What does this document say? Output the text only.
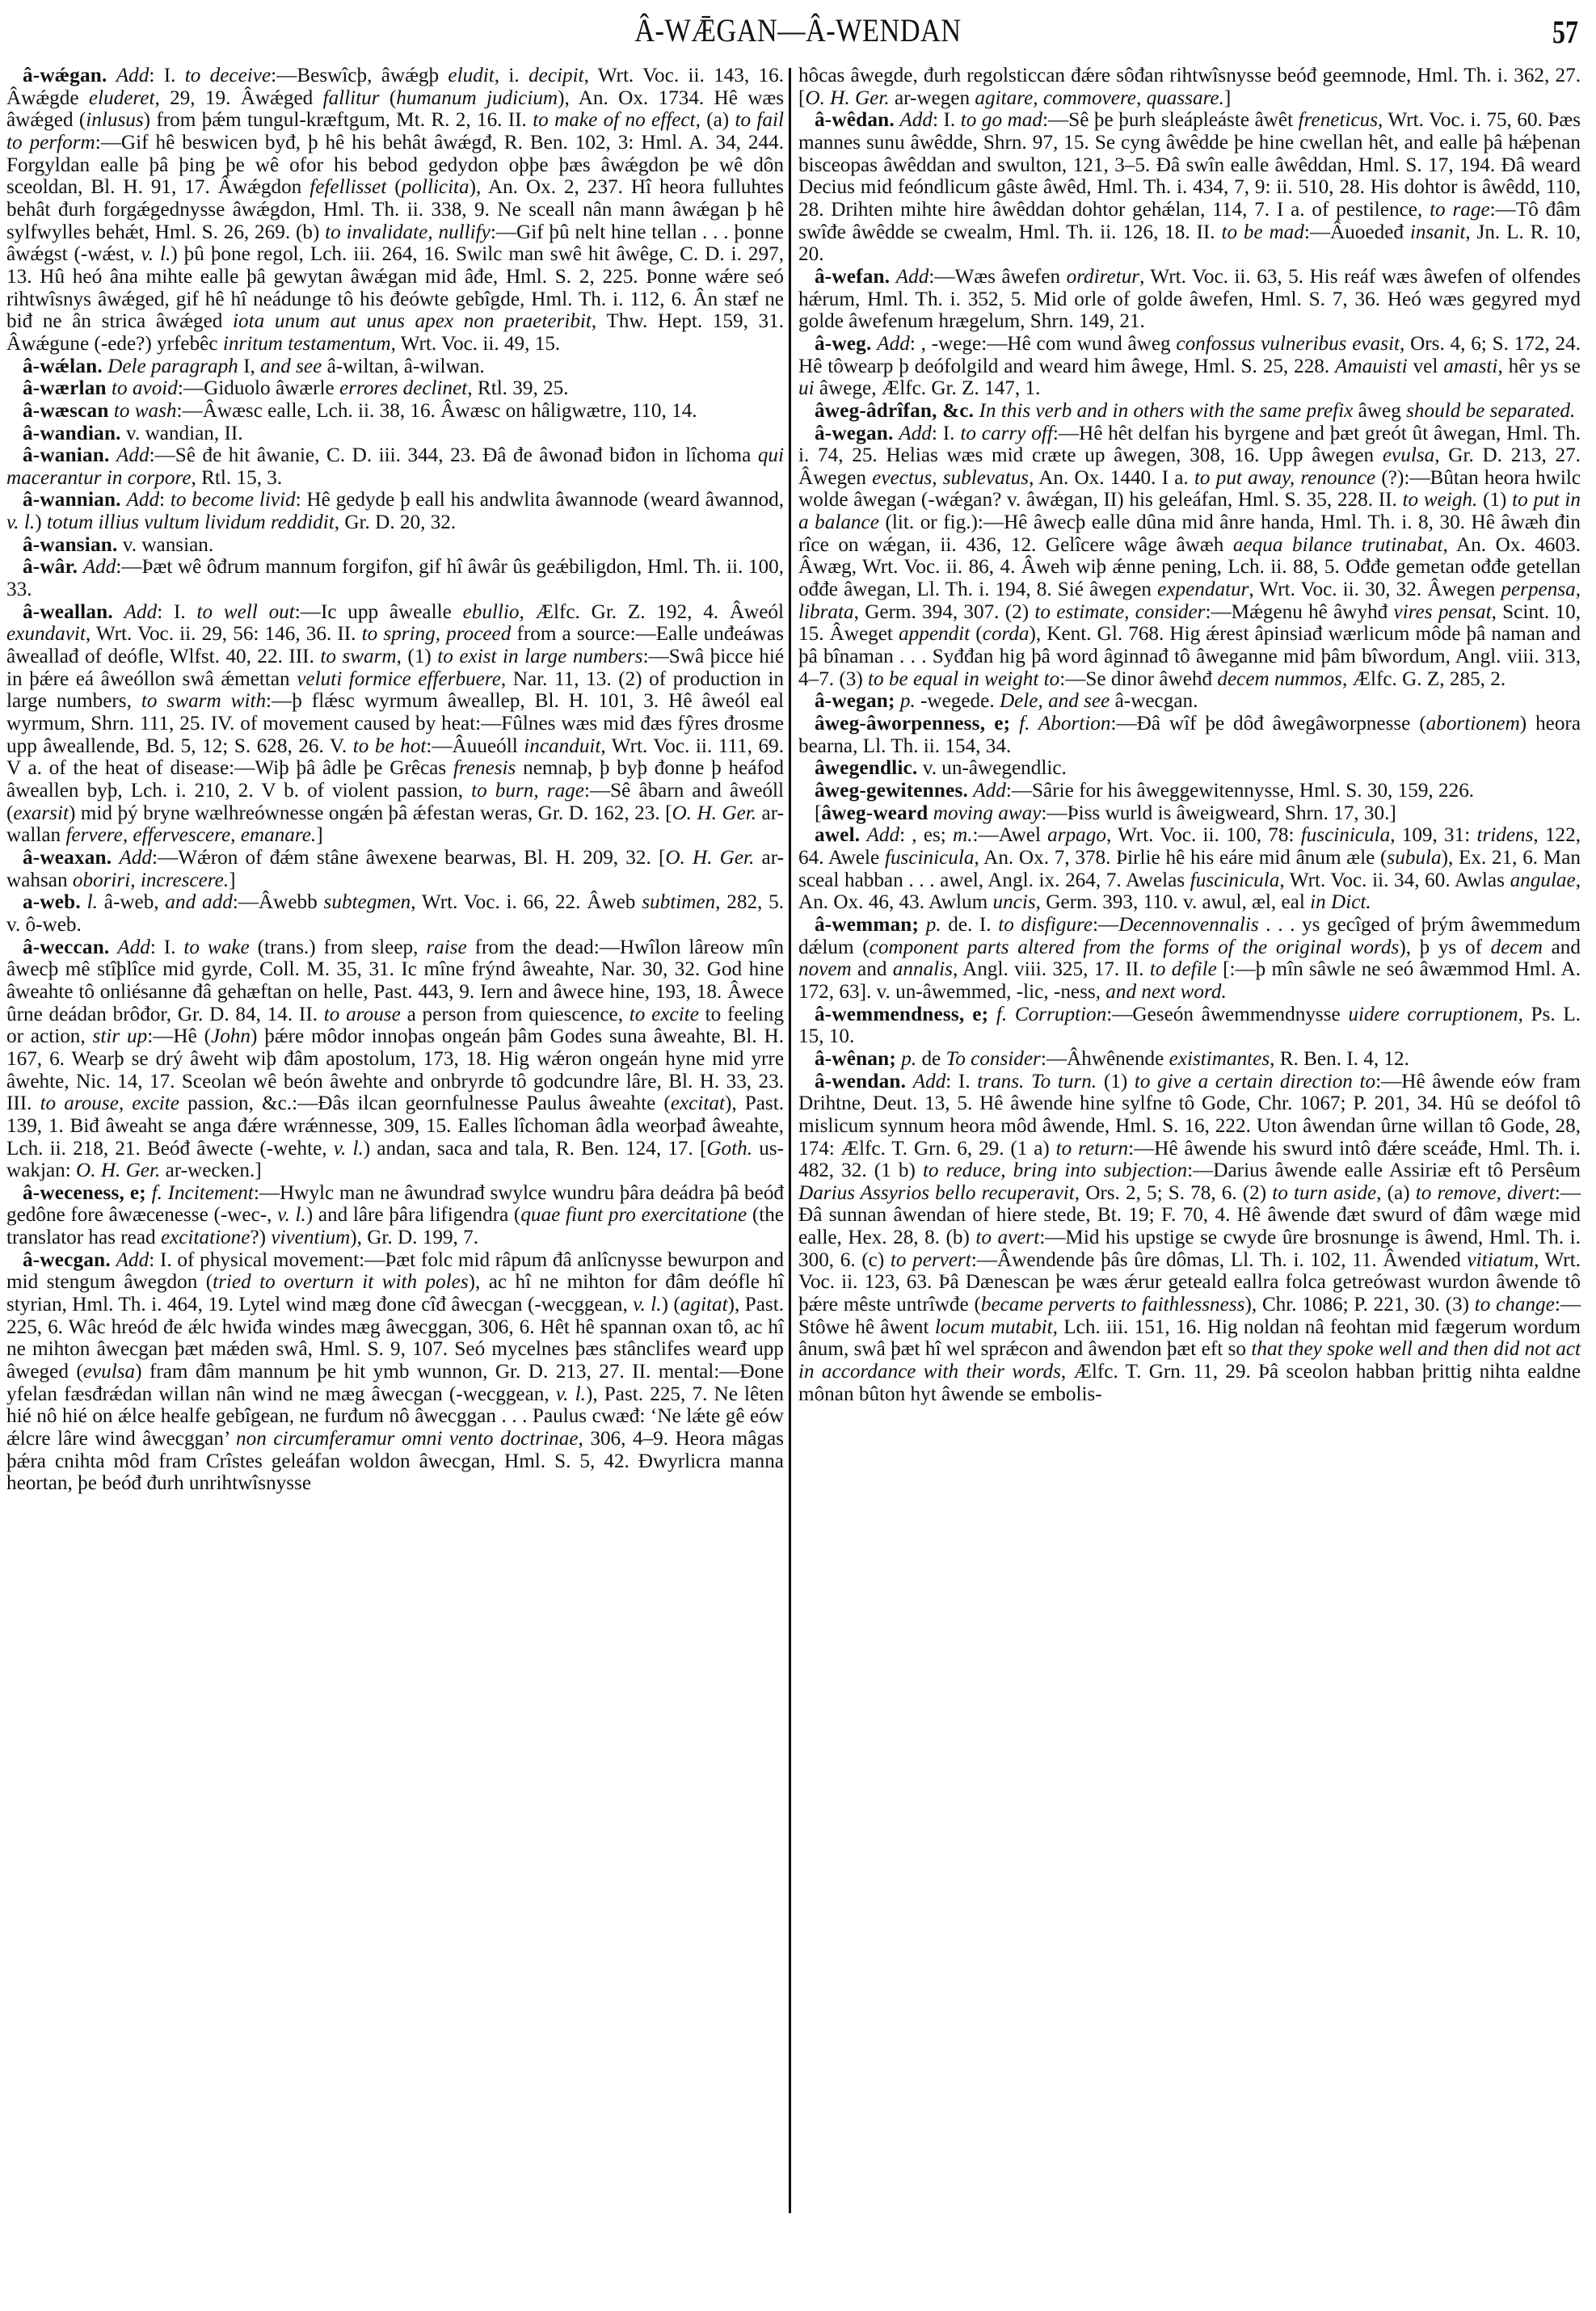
Â-WǢGAN—Â-WENDAN	57

â-wǽgan. Add: I. to deceive:—Beswîcþ, âwǽgþ eludit, i. decipit, Wrt. Voc. ii. 143, 16. Âwǽgde eluderet, 29, 19. Âwǽged fallitur (humanum judicium), An. Ox. 1734. Hê wæs âwǽged (inlusus) from þǽm tungul-kræftgum, Mt. R. 2, 16. II. to make of no effect, (a) to fail to perform:—Gif hê beswicen byđ, þ hê his behât âwǽgđ, R. Ben. 102, 3: Hml. A. 34, 244. Forgyldan ealle þâ þing þe wê ofor his bebod gedydon oþþe þæs âwǽgdon þe wê dôn sceoldan, Bl. H. 91, 17. Âwǽgdon fefellisset (pollicita), An. Ox. 2, 237. Hî heora fulluhtes behât đurh forgǽgednysse âwǽgdon, Hml. Th. ii. 338, 9. Ne sceall nân mann âwǽgan þ hê sylfwylles behǽt, Hml. S. 26, 269. (b) to invalidate, nullify:—Gif þû nelt hine tellan . . . þonne âwǽgst (-wǽst, v. l.) þû þone regol, Lch. iii. 264, 16. Swilc man swê hit âwêge, C. D. i. 297, 13. Hû heó âna mihte ealle þâ gewytan âwǽgan mid âđe, Hml. S. 2, 225. Þonne wǽre seó rihtwîsnys âwǽged, gif hê hî neádunge tô his đeówte gebîgde, Hml. Th. i. 112, 6. Ân stæf ne biđ ne ân strica âwǽged iota unum aut unus apex non praeteribit, Thw. Hept. 159, 31. Âwǽgune (-ede?) yrfebêc inritum testamentum, Wrt. Voc. ii. 49, 15.

â-wǽlan. Dele paragraph I, and see â-wiltan, â-wilwan.

â-wærlan to avoid:—Giduolo âwærle errores declinet, Rtl. 39, 25.

â-wæscan to wash:—Âwæsc ealle, Lch. ii. 38, 16. Âwæsc on hâligwætre, 110, 14.

â-wandian. v. wandian, II.

â-wanian. Add:—Sê đe hit âwanie, C. D. iii. 344, 23. Đâ đe âwonađ biđon in lîchoma qui macerantur in corpore, Rtl. 15, 3.

â-wannian. Add: to become livid: Hê gedyde þ eall his andwlita âwannode (weard âwannod, v. l.) totum illius vultum lividum reddidit, Gr. D. 20, 32.

â-wansian. v. wansian.

â-wâr. Add:—Þæt wê ôđrum mannum forgifon, gif hî âwâr ûs geǽbiligdon, Hml. Th. ii. 100, 33.

â-weallan. Add: I. to well out:—Ic upp âwealle ebullio, Ælfc. Gr. Z. 192, 4. Âweól exundavit, Wrt. Voc. ii. 29, 56: 146, 36. II. to spring, proceed from a source:—Ealle unđeáwas âweallađ of deófle, Wlfst. 40, 22. III. to swarm, (1) to exist in large numbers:—Swâ þicce hié in þǽre eá âweóllon swâ ǽmettan veluti formice efferbuere, Nar. 11, 13. (2) of production in large numbers, to swarm with:—þ flǽsc wyrmum âweallep, Bl. H. 101, 3. Hê âweól eal wyrmum, Shrn. 111, 25. IV. of movement caused by heat:—Fûlnes wæs mid đæs fŷres đrosme upp âweallende, Bd. 5, 12; S. 628, 26. V. to be hot:—Âuueóll incanduit, Wrt. Voc. ii. 111, 69. V a. of the heat of disease:—Wiþ þâ âdle þe Grêcas frenesis nemnaþ, þ byþ đonne þ heáfod âweallen byþ, Lch. i. 210, 2. V b. of violent passion, to burn, rage:—Sê âbarn and âweóll (exarsit) mid þý bryne wælhreównesse ongǽn þâ ǽfestan weras, Gr. D. 162, 23. [O. H. Ger. ar-wallan fervere, effervescere, emanare.]

â-weaxan. Add:—Wǽron of đǽm stâne âwexene bearwas, Bl. H. 209, 32. [O. H. Ger. ar-wahsan oboriri, increscere.]

a-web. l. â-web, and add:—Âwebb subtegmen, Wrt. Voc. i. 66, 22. Âweb subtimen, 282, 5. v. ô-web.

â-weccan. Add: I. to wake (trans.) from sleep, raise from the dead:—Hwîlon lâreow mîn âwecþ mê stîþlîce mid gyrde, Coll. M. 35, 31. Ic mîne frýnd âweahte, Nar. 30, 32. God hine âweahte tô onliésanne đâ gehæftan on helle, Past. 443, 9. Iern and âwece hine, 193, 18. Âwece ûrne deádan brôđor, Gr. D. 84, 14. II. to arouse a person from quiescence, to excite to feeling or action, stir up:—Hê (John) þǽre môdor innoþas ongeán þâm Godes suna âweahte, Bl. H. 167, 6. Wearþ se drý âweht wiþ đâm apostolum, 173, 18. Hig wǽron ongeán hyne mid yrre âwehte, Nic. 14, 17. Sceolan wê beón âwehte and onbryrde tô godcundre lâre, Bl. H. 33, 23. III. to arouse, excite passion, &c.:—Đâs ilcan geornfulnesse Paulus âweahte (excitat), Past. 139, 1. Biđ âweaht se anga đǽre wrǽnnesse, 309, 15. Ealles lîchoman âdla weorþađ âweahte, Lch. ii. 218, 21. Beóđ âwecte (-wehte, v. l.) andan, saca and tala, R. Ben. 124, 17. [Goth. us-wakjan: O. H. Ger. ar-wecken.]

â-weceness, e; f. Incitement:—Hwylc man ne âwundrađ swylce wundru þâra deádra þâ beóđ gedône fore âwæcenesse (-wec-, v. l.) and lâre þâra lifigendra (quae fiunt pro exercitatione (the translator has read excitatione?) viventium), Gr. D. 199, 7.

â-wecgan. Add: I. of physical movement:—Þæt folc mid râpum đâ anlîcnysse bewurpon and mid stengum âwegdon (tried to overturn it with poles), ac hî ne mihton for đâm deófle hî styrian, Hml. Th. i. 464, 19. Lytel wind mæg đone cîđ âwecgan (-wecggean, v. l.) (agitat), Past. 225, 6. Wâc hreód đe ǽlc hwiđa windes mæg âwecggan, 306, 6. Hêt hê spannan oxan tô, ac hî ne mihton âwecgan þæt mǽden swâ, Hml. S. 9, 107. Seó mycelnes þæs stânclifes wearđ upp âweged (evulsa) fram đâm mannum þe hit ymb wunnon, Gr. D. 213, 27. II. mental:—Đone yfelan fæsđrǽdan willan nân wind ne mæg âwecgan (-wecggean, v. l.), Past. 225, 7. Ne lêten hié nô hié on ǽlce healfe gebîgean, ne furđum nô âwecggan . . . Paulus cwæđ: ‘Ne lǽte gê eów ǽlcre lâre wind âwecggan’ non circumferamur omni vento doctrinae, 306, 4–9. Heora mâgas þǽra cnihta môd fram Crîstes geleáfan woldon âwecgan, Hml. S. 5, 42. Đwyrlicra manna heortan, þe beóđ đurh unrihtwîsnysse

hôcas âwegde, đurh regolsticcan đǽre sôđan rihtwîsnysse beóđ geemnode, Hml. Th. i. 362, 27. [O. H. Ger. ar-wegen agitare, commovere, quassare.]

â-wêdan. Add: I. to go mad:—Sê þe þurh sleápleáste âwêt freneticus, Wrt. Voc. i. 75, 60. Þæs mannes sunu âwêdde, Shrn. 97, 15. Se cyng âwêdde þe hine cwellan hêt, and ealle þâ hǽþenan bisceopas âwêddan and swulton, 121, 3–5. Đâ swîn ealle âwêddan, Hml. S. 17, 194. Đâ weard Decius mid feóndlicum gâste âwêd, Hml. Th. i. 434, 7, 9: ii. 510, 28. His dohtor is âwêdd, 110, 28. Drihten mihte hire âwêddan dohtor gehǽlan, 114, 7. I a. of pestilence, to rage:—Tô đâm swîđe âwêdde se cwealm, Hml. Th. ii. 126, 18. II. to be mad:—Âuoedeđ insanit, Jn. L. R. 10, 20.

â-wefan. Add:—Wæs âwefen ordiretur, Wrt. Voc. ii. 63, 5. His reáf wæs âwefen of olfendes hǽrum, Hml. Th. i. 352, 5. Mid orle of golde âwefen, Hml. S. 7, 36. Heó wæs gegyred myd golde âwefenum hrægelum, Shrn. 149, 21.

â-weg. Add: , -wege:—Hê com wund âweg confossus vulneribus evasit, Ors. 4, 6; S. 172, 24. Hê tôwearp þ deófolgild and weard him âwege, Hml. S. 25, 228. Amauisti vel amasti, hêr ys se ui âwege, Ælfc. Gr. Z. 147, 1.

âweg-âdrîfan, &c. In this verb and in others with the same prefix âweg should be separated.

â-wegan. Add: I. to carry off:—Hê hêt delfan his byrgene and þæt greót ût âwegan, Hml. Th. i. 74, 25. Helias wæs mid cræte up âwegen, 308, 16. Upp âwegen evulsa, Gr. D. 213, 27. Âwegen evectus, sublevatus, An. Ox. 1440. I a. to put away, renounce (?):—Bûtan heora hwilc wolde âwegan (-wǽgan? v. âwǽgan, II) his geleáfan, Hml. S. 35, 228. II. to weigh. (1) to put in a balance (lit. or fig.):—Hê âwecþ ealle dûna mid ânre handa, Hml. Th. i. 8, 30. Hê âwæh đin rîce on wǽgan, ii. 436, 12. Gelîcere wâge âwæh aequa bilance trutinabat, An. Ox. 4603. Âwæg, Wrt. Voc. ii. 86, 4. Âweh wiþ ǽnne pening, Lch. ii. 88, 5. Ođđe gemetan ođđe getellan ođđe âwegan, Ll. Th. i. 194, 8. Sié âwegen expendatur, Wrt. Voc. ii. 30, 32. Âwegen perpensa, librata, Germ. 394, 307. (2) to estimate, consider:—Mǽgenu hê âwyhđ vires pensat, Scint. 10, 15. Âweget appendit (corda), Kent. Gl. 768. Hig ǽrest âpinsiađ wærlicum môde þâ naman and þâ bînaman . . . Syđđan hig þâ word âginnađ tô âweganne mid þâm bîwordum, Angl. viii. 313, 4–7. (3) to be equal in weight to:—Se dinor âwehđ decem nummos, Ælfc. G. Z, 285, 2.

â-wegan; p. -wegede. Dele, and see â-wecgan.

âweg-âworpenness, e; f. Abortion:—Đâ wîf þe dôđ âwegâworpnesse (abortionem) heora bearna, Ll. Th. ii. 154, 34.

âwegendlic. v. un-âwegendlic.

âweg-gewitennes. Add:—Sârie for his âweggewitennysse, Hml. S. 30, 159, 226.

[âweg-weard moving away:—Þiss wurld is âweigweard, Shrn. 17, 30.]

awel. Add: , es; m.:—Awel arpago, Wrt. Voc. ii. 100, 78: fuscinicula, 109, 31: tridens, 122, 64. Awele fuscinicula, An. Ox. 7, 378. Þirlie hê his eáre mid ânum æle (subula), Ex. 21, 6. Man sceal habban . . . awel, Angl. ix. 264, 7. Awelas fuscinicula, Wrt. Voc. ii. 34, 60. Awlas angulae, An. Ox. 46, 43. Awlum uncis, Germ. 393, 110. v. awul, æl, eal in Dict.

â-wemman; p. de. I. to disfigure:—Decennovennalis . . . ys gecîged of þrým âwemmedum dǽlum (component parts altered from the forms of the original words), þ ys of decem and novem and annalis, Angl. viii. 325, 17. II. to defile [:—þ mîn sâwle ne seó âwæmmod Hml. A. 172, 63]. v. un-âwemmed, -lic, -ness, and next word.

â-wemmendness, e; f. Corruption:—Geseón âwemmendnysse uidere corruptionem, Ps. L. 15, 10.

â-wênan; p. de To consider:—Âhwênende existimantes, R. Ben. I. 4, 12.

â-wendan. Add: I. trans. To turn. (1) to give a certain direction to:—Hê âwende eów fram Drihtne, Deut. 13, 5. Hê âwende hine sylfne tô Gode, Chr. 1067; P. 201, 34. Hû se deófol tô mislicum synnum heora môd âwende, Hml. S. 16, 222. Uton âwendan ûrne willan tô Gode, 28, 174: Ælfc. T. Grn. 6, 29. (1 a) to return:—Hê âwende his swurd intô đǽre sceáđe, Hml. Th. i. 482, 32. (1 b) to reduce, bring into subjection:—Darius âwende ealle Assiriæ eft tô Persêum Darius Assyrios bello recuperavit, Ors. 2, 5; S. 78, 6. (2) to turn aside, (a) to remove, divert:—Đâ sunnan âwendan of hiere stede, Bt. 19; F. 70, 4. Hê âwende đæt swurd of đâm wæge mid ealle, Hex. 28, 8. (b) to avert:—Mid his upstige se cwyde ûre brosnunge is âwend, Hml. Th. i. 300, 6. (c) to pervert:—Âwendende þâs ûre dômas, Ll. Th. i. 102, 11. Âwended vitiatum, Wrt. Voc. ii. 123, 63. Þâ Dænescan þe wæs ǽrur geteald eallra folca getreówast wurdon âwende tô þǽre mêste untrîwđe (became perverts to faithlessness), Chr. 1086; P. 221, 30. (3) to change:—Stôwe hê âwent locum mutabit, Lch. iii. 151, 16. Hig noldan nâ feohtan mid fægerum wordum ânum, swâ þæt hî wel sprǽcon and âwendon þæt eft so that they spoke well and then did not act in accordance with their words, Ælfc. T. Grn. 11, 29. Þâ sceolon habban þrittig nihta ealdne mônan bûton hyt âwende se embolis-
